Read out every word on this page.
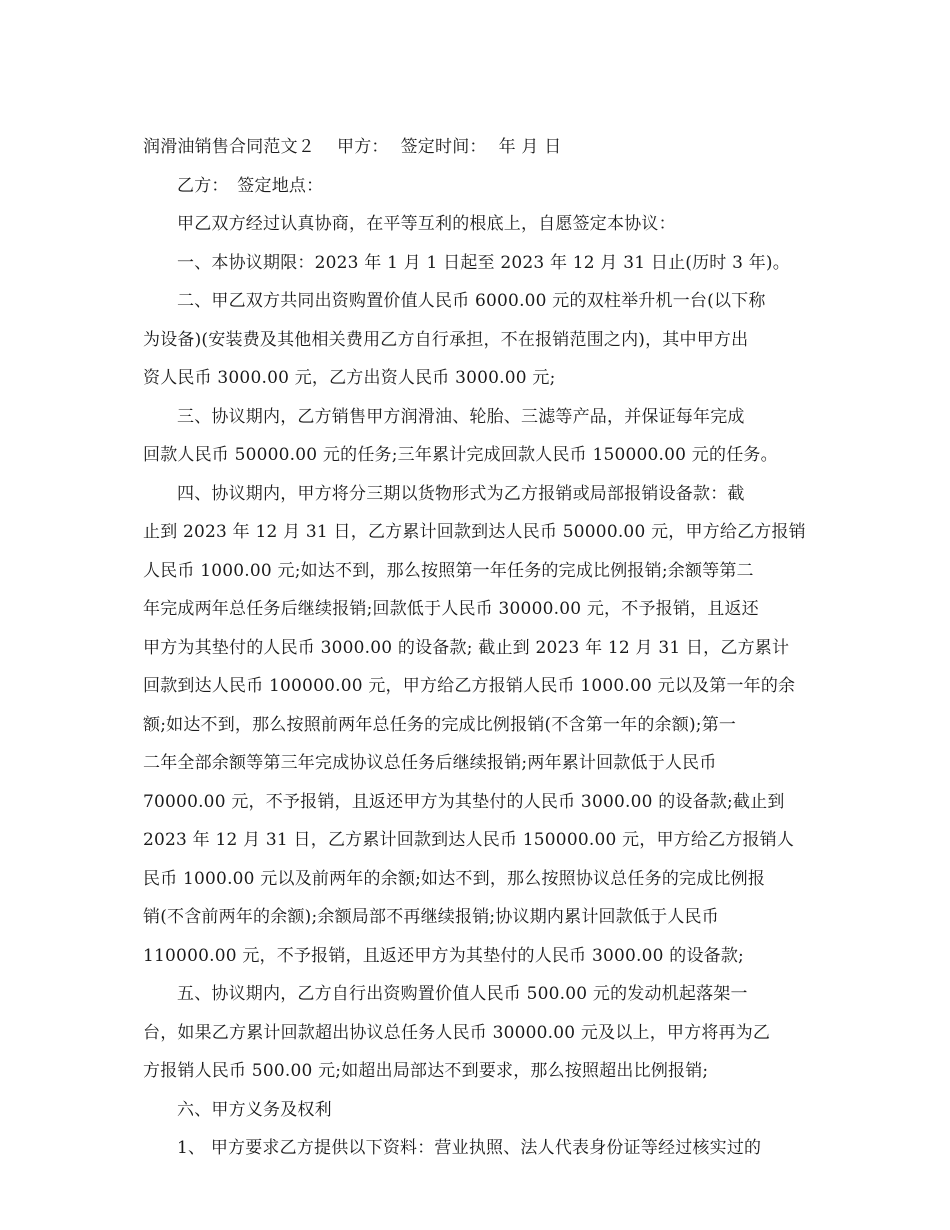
润滑油销售合同范文２ 甲方： 签定时间： 年 月 日
乙方：　签定地点：
甲乙双方经过认真协商，在平等互利的根底上，自愿签定本协议：
一、本协议期限：2023 年 1 月 1 日起至 2023 年 12 月 31 日止(历时 3 年)。
二、甲乙双方共同出资购置价值人民币 6000.00 元的双柱举升机一台(以下称
为设备)(安装费及其他相关费用乙方自行承担，不在报销范围之内)，其中甲方出
资人民币 3000.00 元，乙方出资人民币 3000.00 元;
三、协议期内，乙方销售甲方润滑油、轮胎、三滤等产品，并保证每年完成
回款人民币 50000.00 元的任务;三年累计完成回款人民币 150000.00 元的任务。
四、协议期内，甲方将分三期以货物形式为乙方报销或局部报销设备款：截
止到 2023 年 12 月 31 日，乙方累计回款到达人民币 50000.00 元，甲方给乙方报销
人民币 1000.00 元;如达不到，那么按照第一年任务的完成比例报销;余额等第二
年完成两年总任务后继续报销;回款低于人民币 30000.00 元，不予报销，且返还
甲方为其垫付的人民币 3000.00 的设备款; 截止到 2023 年 12 月 31 日，乙方累计
回款到达人民币 100000.00 元，甲方给乙方报销人民币 1000.00 元以及第一年的余
额;如达不到，那么按照前两年总任务的完成比例报销(不含第一年的余额);第一
二年全部余额等第三年完成协议总任务后继续报销;两年累计回款低于人民币
70000.00 元，不予报销，且返还甲方为其垫付的人民币 3000.00 的设备款;截止到
2023 年 12 月 31 日，乙方累计回款到达人民币 150000.00 元，甲方给乙方报销人
民币 1000.00 元以及前两年的余额;如达不到，那么按照协议总任务的完成比例报
销(不含前两年的余额);余额局部不再继续报销;协议期内累计回款低于人民币
110000.00 元，不予报销，且返还甲方为其垫付的人民币 3000.00 的设备款;
五、协议期内，乙方自行出资购置价值人民币 500.00 元的发动机起落架一
台，如果乙方累计回款超出协议总任务人民币 30000.00 元及以上，甲方将再为乙
方报销人民币 500.00 元;如超出局部达不到要求，那么按照超出比例报销;
六、甲方义务及权利
1、 甲方要求乙方提供以下资料：营业执照、法人代表身份证等经过核实过的
